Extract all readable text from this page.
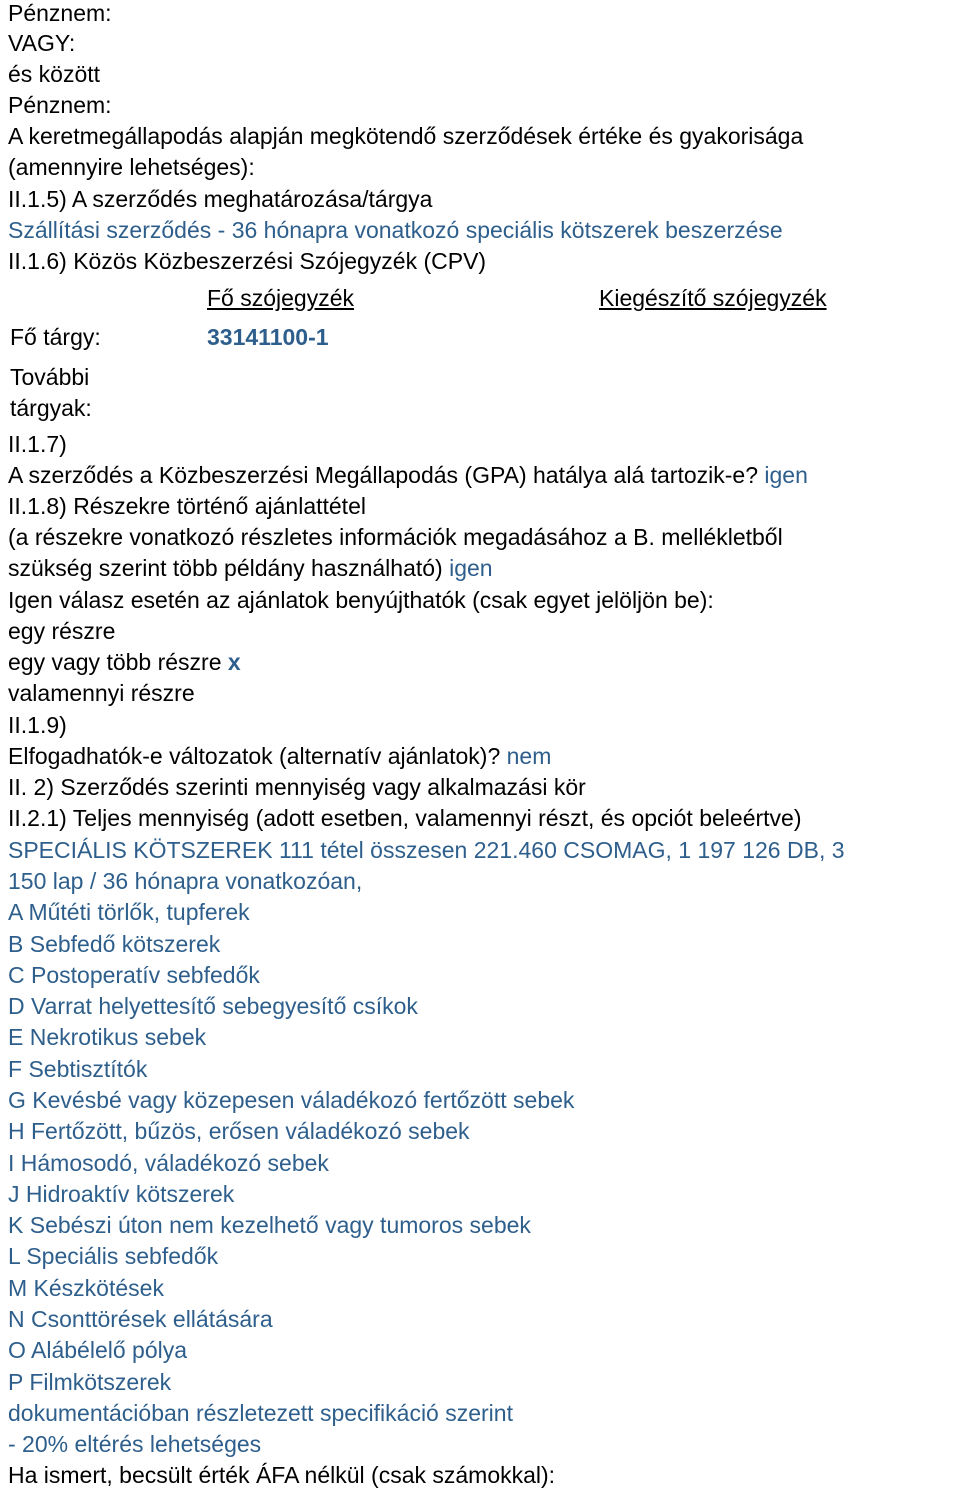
Pénznem:
VAGY:
és között
Pénznem:
A keretmegállapodás alapján megkötendő szerződések értéke és gyakorisága
(amennyire lehetséges):
II.1.5) A szerződés meghatározása/tárgya
Szállítási szerződés - 36 hónapra vonatkozó speciális kötszerek beszerzése
II.1.6) Közös Közbeszerzési Szójegyzék (CPV)
Fő szójegyzék	Kiegészítő szójegyzék
Fő tárgy:	33141100-1
További
tárgyak:
II.1.7)
A szerződés a Közbeszerzési Megállapodás (GPA) hatálya alá tartozik-e? igen
II.1.8) Részekre történő ajánlattétel
(a részekre vonatkozó részletes információk megadásához a B. mellékletből
szükség szerint több példány használható) igen
Igen válasz esetén az ajánlatok benyújthatók (csak egyet jelöljön be):
egy részre
egy vagy több részre x
valamennyi részre
II.1.9)
Elfogadhatók-e változatok (alternatív ajánlatok)? nem
II. 2) Szerződés szerinti mennyiség vagy alkalmazási kör
II.2.1) Teljes mennyiség (adott esetben, valamennyi részt, és opciót beleértve)
SPECIÁLIS KÖTSZEREK 111 tétel összesen 221.460 CSOMAG, 1 197 126 DB, 3
150 lap / 36 hónapra vonatkozóan,
A Műtéti törlők, tupferek
B Sebfedő kötszerek
C Postoperatív sebfedők
D Varrat helyettesítő sebegyesítő csíkok
E Nekrotikus sebek
F Sebtisztítók
G Kevésbé vagy közepesen váladékozó fertőzött sebek
H Fertőzött, bűzös, erősen váladékozó sebek
I Hámosodó, váladékozó sebek
J Hidroaktív kötszerek
K Sebészi úton nem kezelhető vagy tumoros sebek
L Speciális sebfedők
M Készkötések
N Csonttörések ellátására
O Alábélelő pólya
P Filmkötszerek
dokumentációban részletezett specifikáció szerint
- 20% eltérés lehetséges
Ha ismert, becsült érték ÁFA nélkül (csak számokkal):
